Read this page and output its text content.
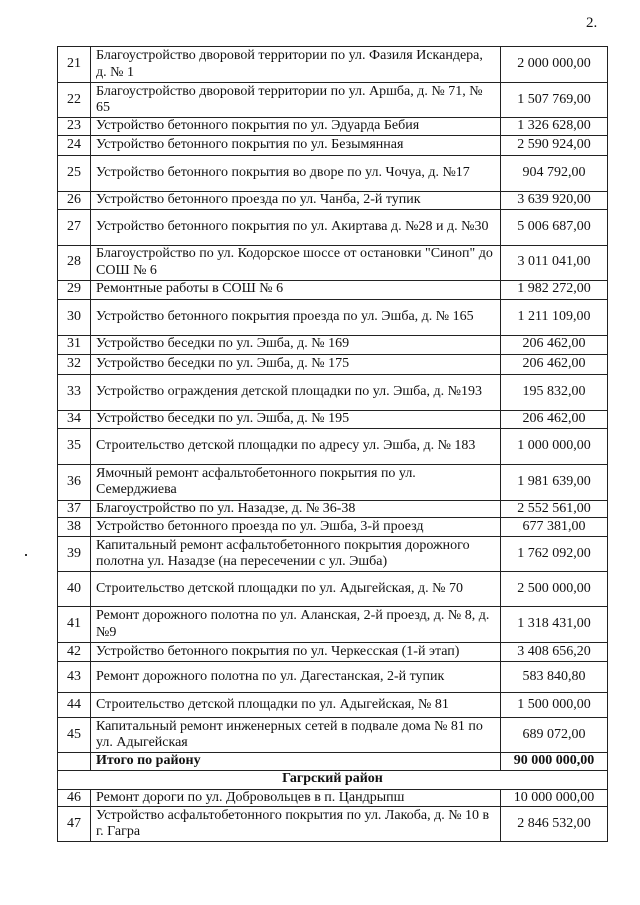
2.
21	Благоустройство дворовой территории по ул. Фазиля Искандера, д. № 1	2 000 000,00
22	Благоустройство дворовой территории по ул. Аршба, д. № 71, № 65	1 507 769,00
23	Устройство бетонного покрытия по ул. Эдуарда Бебия	1 326 628,00
24	Устройство бетонного покрытия по ул. Безымянная	2 590 924,00
25	Устройство бетонного покрытия во дворе по ул. Чочуа, д. №17	904 792,00
26	Устройство бетонного проезда по ул. Чанба, 2-й тупик	3 639 920,00
27	Устройство бетонного покрытия по ул. Акиртава д. №28 и д. №30	5 006 687,00
28	Благоустройство по ул. Кодорское шоссе от остановки "Синоп" до СОШ № 6	3 011 041,00
29	Ремонтные работы в СОШ № 6	1 982 272,00
30	Устройство бетонного покрытия проезда по ул. Эшба, д. № 165	1 211 109,00
31	Устройство беседки по ул. Эшба, д. № 169	206 462,00
32	Устройство беседки по ул. Эшба, д. № 175	206 462,00
33	Устройство ограждения детской площадки по ул. Эшба, д. №193	195 832,00
34	Устройство беседки по ул. Эшба, д. № 195	206 462,00
35	Строительство детской площадки по адресу ул. Эшба, д. № 183	1 000 000,00
36	Ямочный ремонт асфальтобетонного покрытия по ул. Семерджиева	1 981 639,00
37	Благоустройство по ул. Назадзе, д. № 36-38	2 552 561,00
38	Устройство бетонного проезда по ул. Эшба, 3-й проезд	677 381,00
39	Капитальный ремонт асфальтобетонного покрытия дорожного полотна ул. Назадзе (на пересечении с ул. Эшба)	1 762 092,00
40	Строительство детской площадки по ул. Адыгейская, д. № 70	2 500 000,00
41	Ремонт дорожного полотна по ул. Аланская, 2-й проезд, д. № 8, д. №9	1 318 431,00
42	Устройство бетонного покрытия по ул. Черкесская (1-й этап)	3 408 656,20
43	Ремонт дорожного полотна по ул. Дагестанская, 2-й тупик	583 840,80
44	Строительство детской площадки по ул. Адыгейская, № 81	1 500 000,00
45	Капитальный ремонт инженерных сетей в подвале дома № 81 по ул. Адыгейская	689 072,00
	Итого по району	90 000 000,00
Гагрский район		
46	Ремонт дороги по ул. Добровольцев в п. Цандрыпш	10 000 000,00
47	Устройство асфальтобетонного покрытия по ул. Лакоба, д. № 10 в г. Гагра	2 846 532,00
